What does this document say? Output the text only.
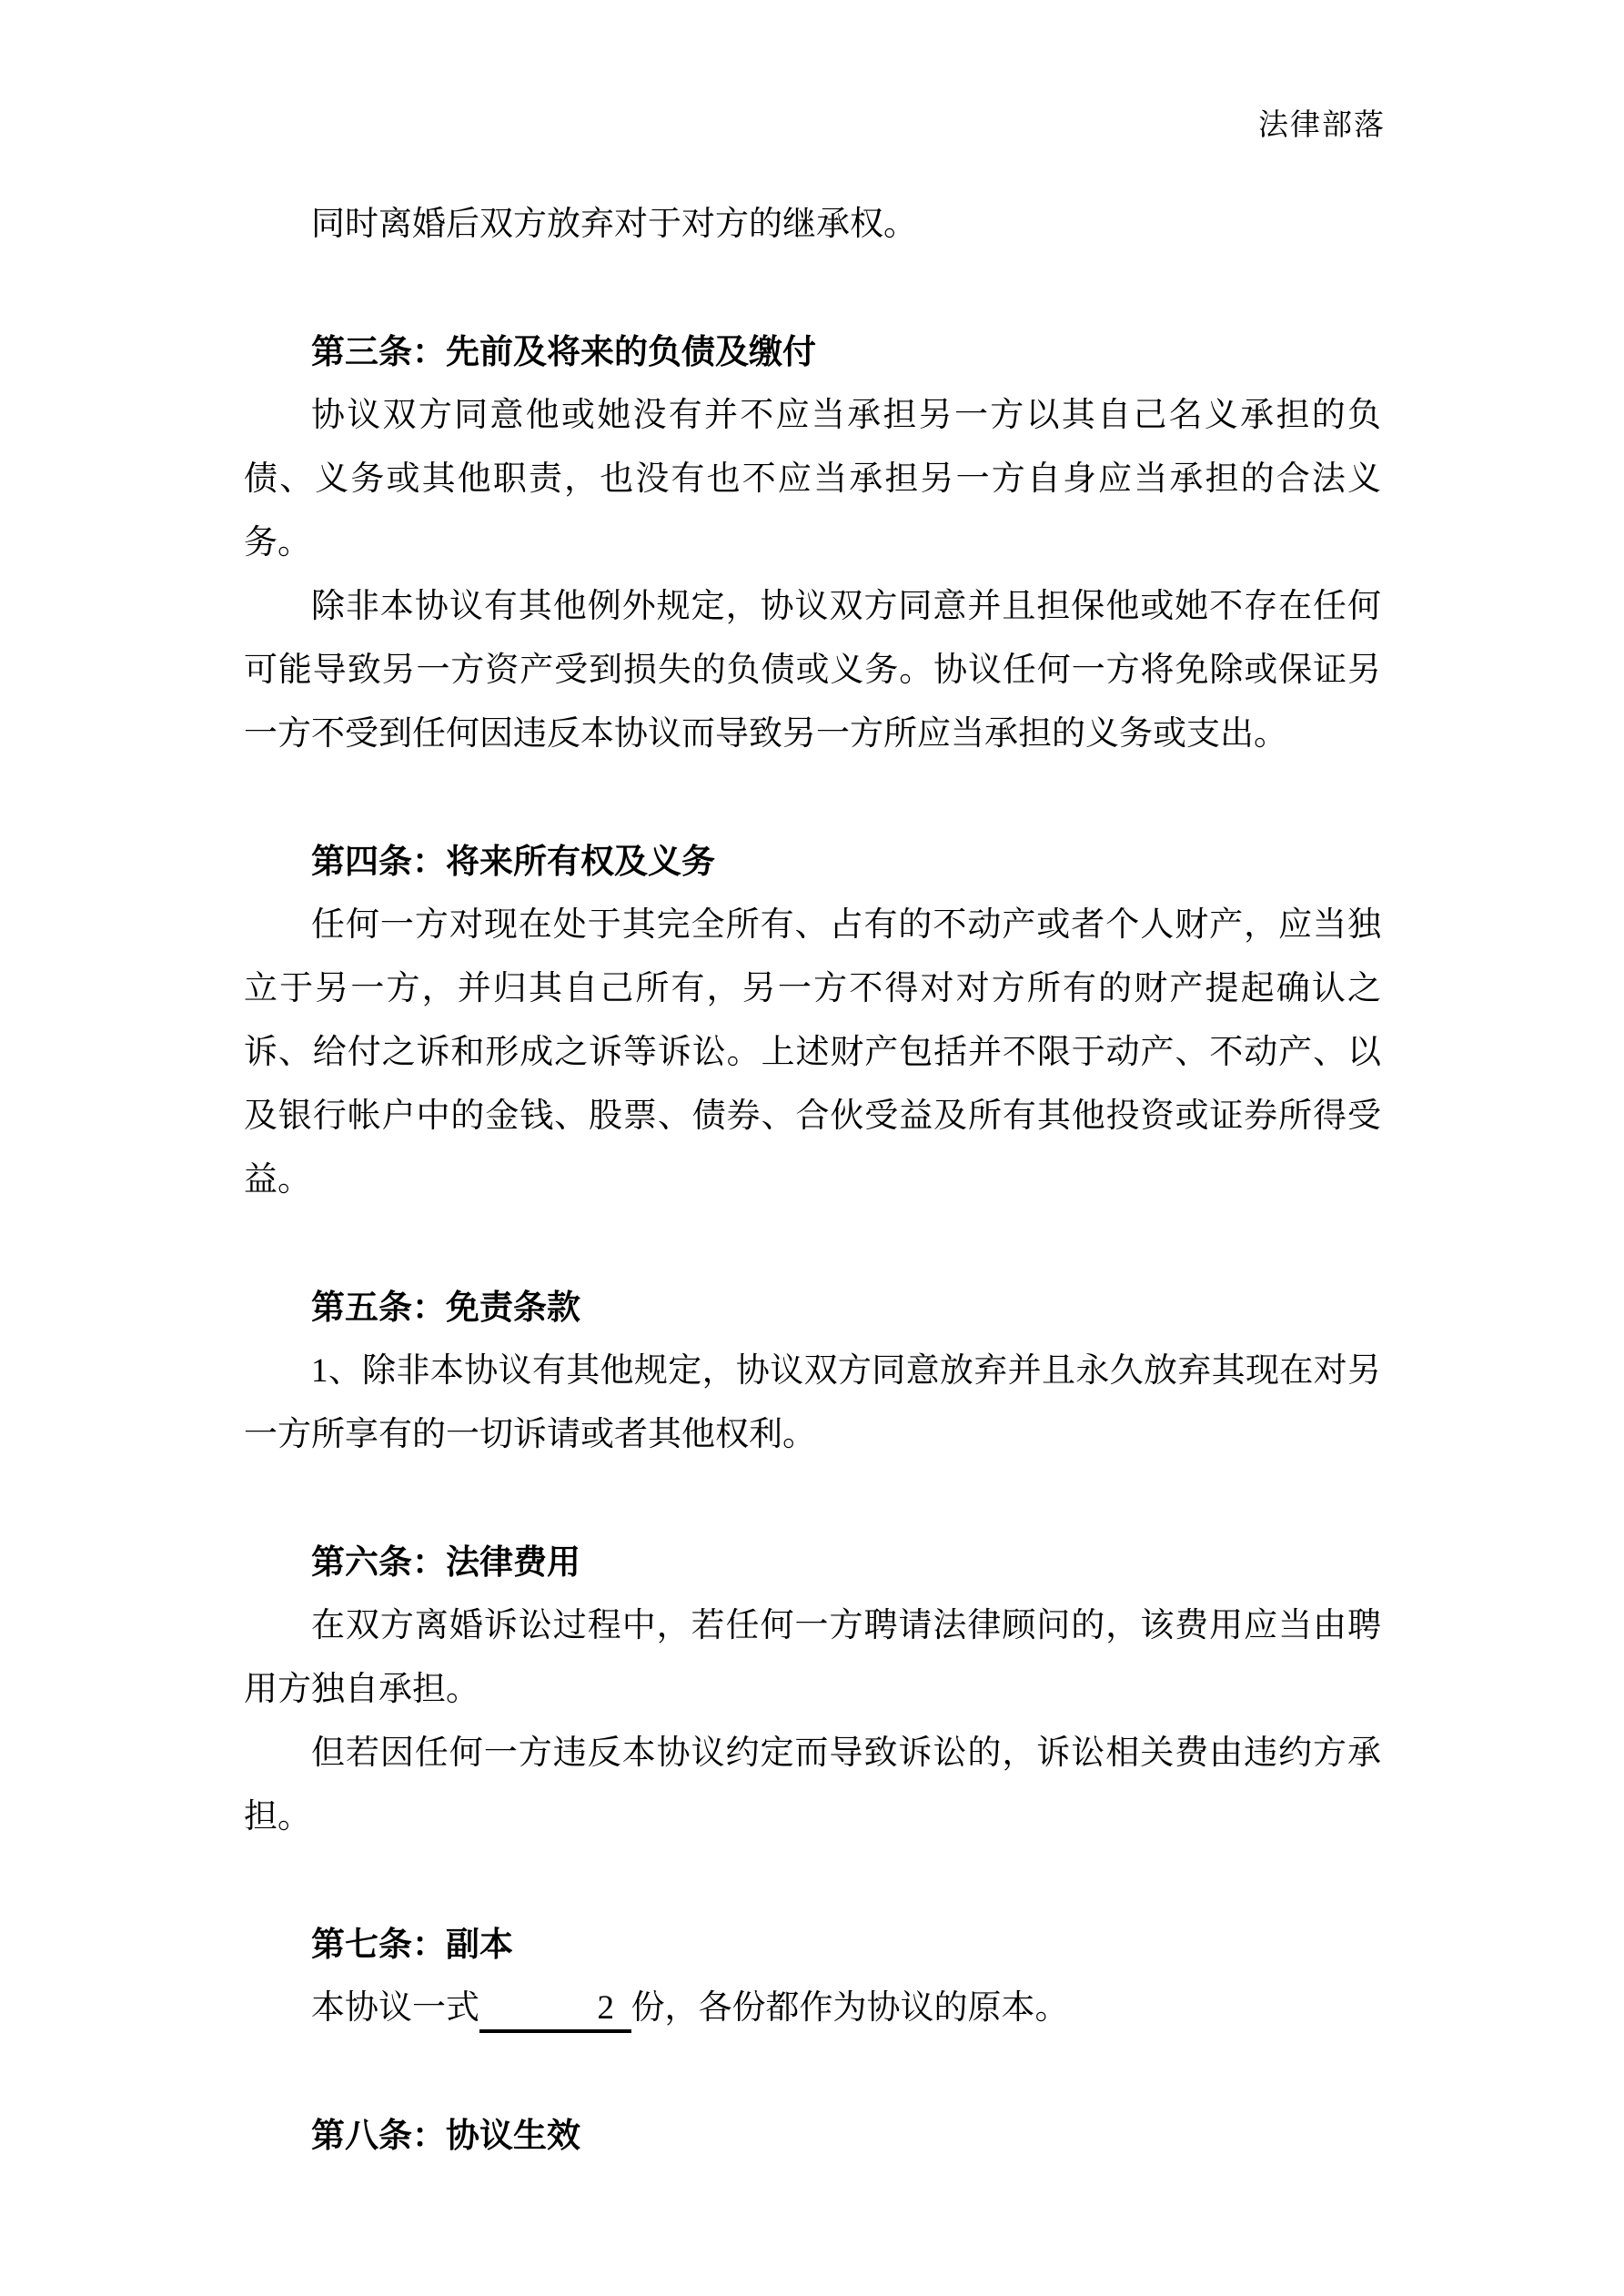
法律部落

同时离婚后双方放弃对于对方的继承权。

第三条：先前及将来的负债及缴付

协议双方同意他或她没有并不应当承担另一方以其自己名义承担的负债、义务或其他职责，也没有也不应当承担另一方自身应当承担的合法义务。

除非本协议有其他例外规定，协议双方同意并且担保他或她不存在任何可能导致另一方资产受到损失的负债或义务。协议任何一方将免除或保证另一方不受到任何因违反本协议而导致另一方所应当承担的义务或支出。

第四条：将来所有权及义务

任何一方对现在处于其完全所有、占有的不动产或者个人财产，应当独立于另一方，并归其自己所有，另一方不得对对方所有的财产提起确认之诉、给付之诉和形成之诉等诉讼。上述财产包括并不限于动产、不动产、以及银行帐户中的金钱、股票、债券、合伙受益及所有其他投资或证券所得受益。

第五条：免责条款

1、除非本协议有其他规定，协议双方同意放弃并且永久放弃其现在对另一方所享有的一切诉请或者其他权利。

第六条：法律费用

在双方离婚诉讼过程中，若任何一方聘请法律顾问的，该费用应当由聘用方独自承担。

但若因任何一方违反本协议约定而导致诉讼的，诉讼相关费由违约方承担。

第七条：副本

本协议一式　2　份，各份都作为协议的原本。

第八条：协议生效
